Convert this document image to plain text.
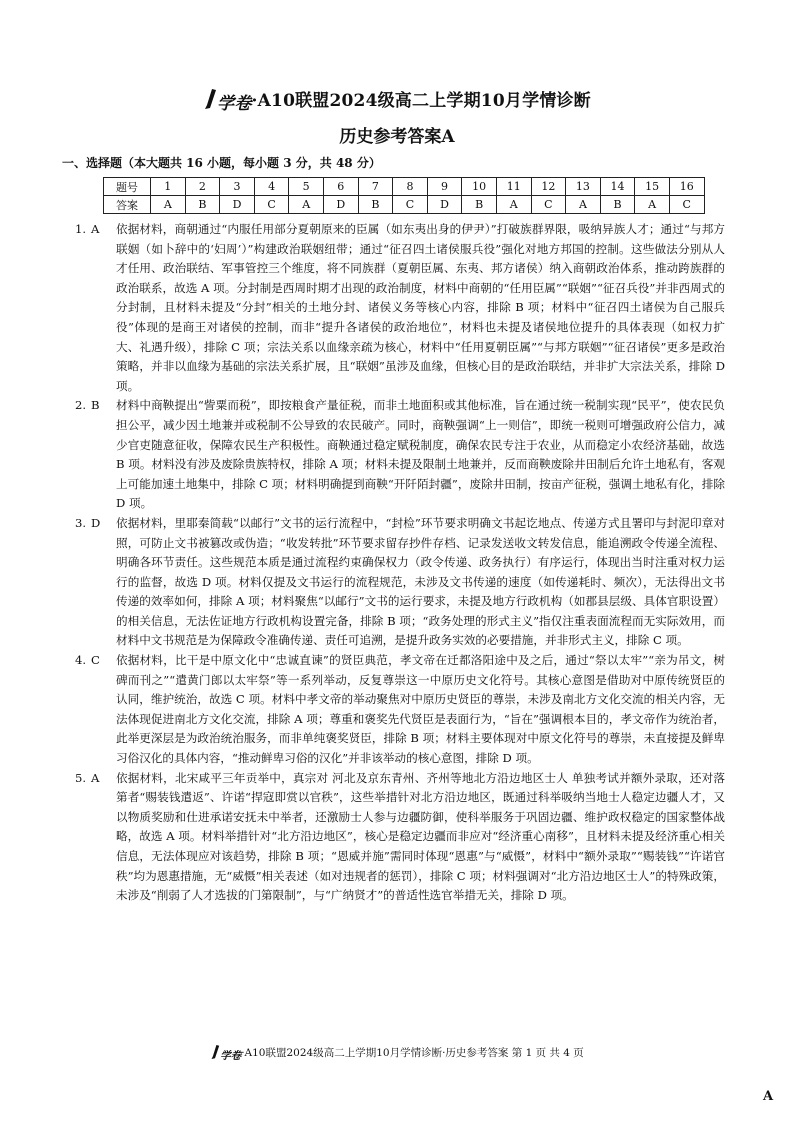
学卷·A10联盟2024级高二上学期10月学情诊断
历史参考答案A
一、选择题（本大题共 16 小题，每小题 3 分，共 48 分）
题号	1	2	3	4	5	6	7	8	9	10	11	12	13	14	15	16
答案	A	B	D	C	A	D	B	C	D	B	A	C	A	B	A	C
1. A	依据材料，商朝通过“内服任用部分夏朝原来的臣属（如东夷出身的伊尹）”打破族群界限，吸纳异族人才；通过“与邦方联姻（如卜辞中的‘妇周’）”构建政治联姻纽带；通过“征召四土诸侯服兵役”强化对地方邦国的控制。这些做法分别从人才任用、政治联结、军事管控三个维度，将不同族群（夏朝臣属、东夷、邦方诸侯）纳入商朝政治体系，推动跨族群的政治联系，故选 A 项。分封制是西周时期才出现的政治制度，材料中商朝的“任用臣属”“联姻”“征召兵役”并非西周式的分封制，且材料未提及“分封”相关的土地分封、诸侯义务等核心内容，排除 B 项；材料中“征召四土诸侯为自己服兵役”体现的是商王对诸侯的控制，而非“提升各诸侯的政治地位”，材料也未提及诸侯地位提升的具体表现（如权力扩大、礼遇升级），排除 C 项；宗法关系以血缘亲疏为核心，材料中“任用夏朝臣属”“与邦方联姻”“征召诸侯”更多是政治策略，并非以血缘为基础的宗法关系扩展，且“联姻”虽涉及血缘，但核心目的是政治联结，并非扩大宗法关系，排除 D 项。
2. B	材料中商鞅提出“訾粟而税”，即按粮食产量征税，而非土地面积或其他标准，旨在通过统一税制实现“民平”，使农民负担公平，减少因土地兼并或税制不公导致的农民破产。同时，商鞅强调“上一则信”，即统一税则可增强政府公信力，减少官吏随意征收，保障农民生产积极性。商鞅通过稳定赋税制度，确保农民专注于农业，从而稳定小农经济基础，故选 B 项。材料没有涉及废除贵族特权，排除 A 项；材料未提及限制土地兼并，反而商鞅废除井田制后允许土地私有，客观上可能加速土地集中，排除 C 项；材料明确提到商鞅“开阡陌封疆”，废除井田制，按亩产征税，强调土地私有化，排除 D 项。
3. D	依据材料，里耶秦简载“以邮行”文书的运行流程中，“封检”环节要求明确文书起讫地点、传递方式且署印与封泥印章对照，可防止文书被篡改或伪造；“收发转批”环节要求留存抄件存档、记录发送收文转发信息，能追溯政令传递全流程、明确各环节责任。这些规范本质是通过流程约束确保权力（政令传递、政务执行）有序运行，体现出当时注重对权力运行的监督，故选 D 项。材料仅提及文书运行的流程规范，未涉及文书传递的速度（如传递耗时、频次），无法得出文书传递的效率如何，排除 A 项；材料聚焦“以邮行”文书的运行要求，未提及地方行政机构（如郡县层级、具体官职设置）的相关信息，无法佐证地方行政机构设置完备，排除 B 项；“政务处理的形式主义”指仅注重表面流程而无实际效用，而材料中文书规范是为保障政令准确传递、责任可追溯，是提升政务实效的必要措施，并非形式主义，排除 C 项。
4. C	依据材料，比干是中原文化中“忠诚直谏”的贤臣典范，孝文帝在迁都洛阳途中及之后，通过“祭以太牢”“亲为吊文，树碑而刊之”“遣黄门郎以太牢祭”等一系列举动，反复尊崇这一中原历史文化符号。其核心意图是借助对中原传统贤臣的认同，维护统治，故选 C 项。材料中孝文帝的举动聚焦对中原历史贤臣的尊崇，未涉及南北方文化交流的相关内容，无法体现促进南北方文化交流，排除 A 项；尊重和褒奖先代贤臣是表面行为，“旨在”强调根本目的，孝文帝作为统治者，此举更深层是为政治统治服务，而非单纯褒奖贤臣，排除 B 项；材料主要体现对中原文化符号的尊崇，未直接提及鲜卑习俗汉化的具体内容，“推动鲜卑习俗的汉化”并非该举动的核心意图，排除 D 项。
5. A	依据材料，北宋咸平三年贡举中，真宗对 河北及京东青州、齐州等地北方沿边地区士人 单独考试并额外录取，还对落第者“赐装钱遣返”、许诺“捍寇即赏以官秩”，这些举措针对北方沿边地区，既通过科举吸纳当地士人稳定边疆人才，又以物质奖励和仕进承诺安抚未中举者，还激励士人参与边疆防御，使科举服务于巩固边疆、维护政权稳定的国家整体战略，故选 A 项。材料举措针对“北方沿边地区”，核心是稳定边疆而非应对“经济重心南移”，且材料未提及经济重心相关信息，无法体现应对该趋势，排除 B 项；“恩威并施”需同时体现“恩惠”与“威慑”，材料中“额外录取”“赐装钱”“许诺官秩”均为恩惠措施，无“威慑”相关表述（如对违规者的惩罚），排除 C 项；材料强调对“北方沿边地区士人”的特殊政策，未涉及“削弱了人才选拔的门第限制”，与“广纳贤才”的普适性选官举措无关，排除 D 项。
学卷·A10联盟2024级高二上学期10月学情诊断·历史参考答案 第 1 页 共 4 页
A
